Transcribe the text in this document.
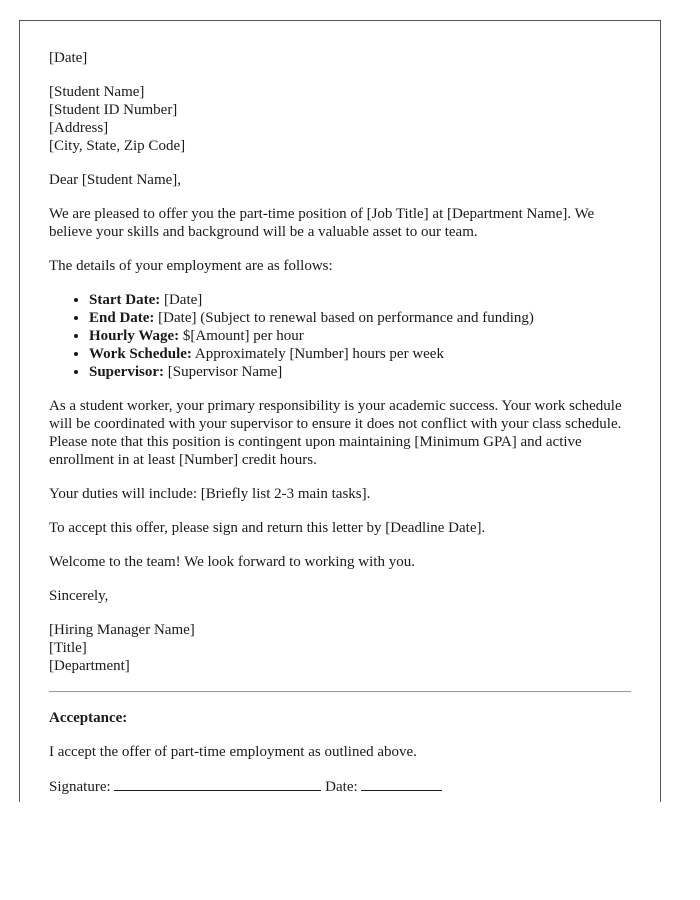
[Date]

[Student Name]
[Student ID Number]
[Address]
[City, State, Zip Code]

Dear [Student Name],

We are pleased to offer you the part-time position of [Job Title] at [Department Name]. We believe your skills and background will be a valuable asset to our team.

The details of your employment are as follows:

• Start Date: [Date]
• End Date: [Date] (Subject to renewal based on performance and funding)
• Hourly Wage: $[Amount] per hour
• Work Schedule: Approximately [Number] hours per week
• Supervisor: [Supervisor Name]

As a student worker, your primary responsibility is your academic success. Your work schedule will be coordinated with your supervisor to ensure it does not conflict with your class schedule. Please note that this position is contingent upon maintaining [Minimum GPA] and active enrollment in at least [Number] credit hours.

Your duties will include: [Briefly list 2-3 main tasks].

To accept this offer, please sign and return this letter by [Deadline Date].

Welcome to the team! We look forward to working with you.

Sincerely,

[Hiring Manager Name]
[Title]
[Department]

Acceptance:

I accept the offer of part-time employment as outlined above.

Signature:	Date:
